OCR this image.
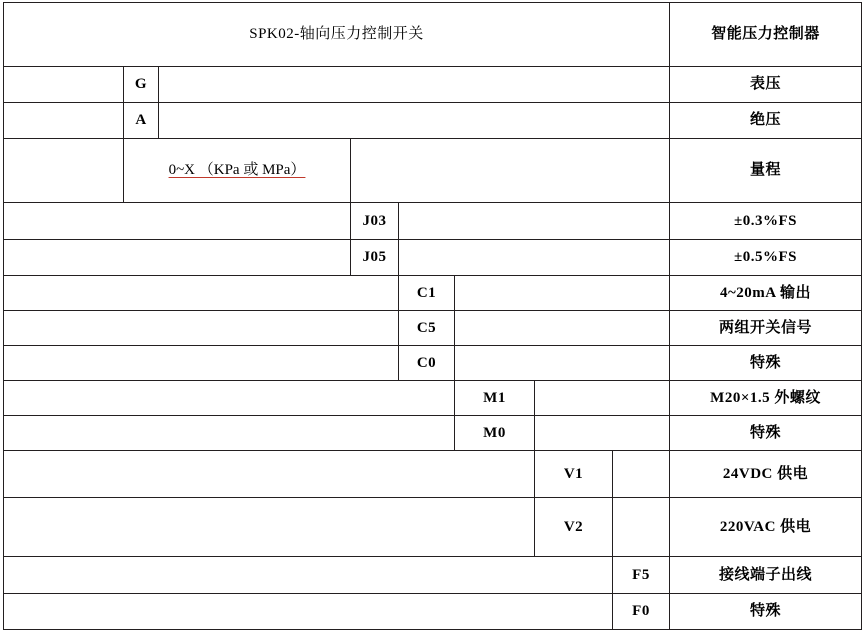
SPK02-轴向压力控制开关								智能压力控制器
	G							表压
	A							绝压
	0~X （KPa 或 MPa）							量程
			J03					±0.3%FS
			J05					±0.5%FS
				C1				4~20mA 输出
				C5				两组开关信号
				C0				特殊
					M1			M20×1.5 外螺纹
					M0			特殊
						V1		24VDC 供电
						V2		220VAC 供电
							F5	接线端子出线
							F0	特殊
